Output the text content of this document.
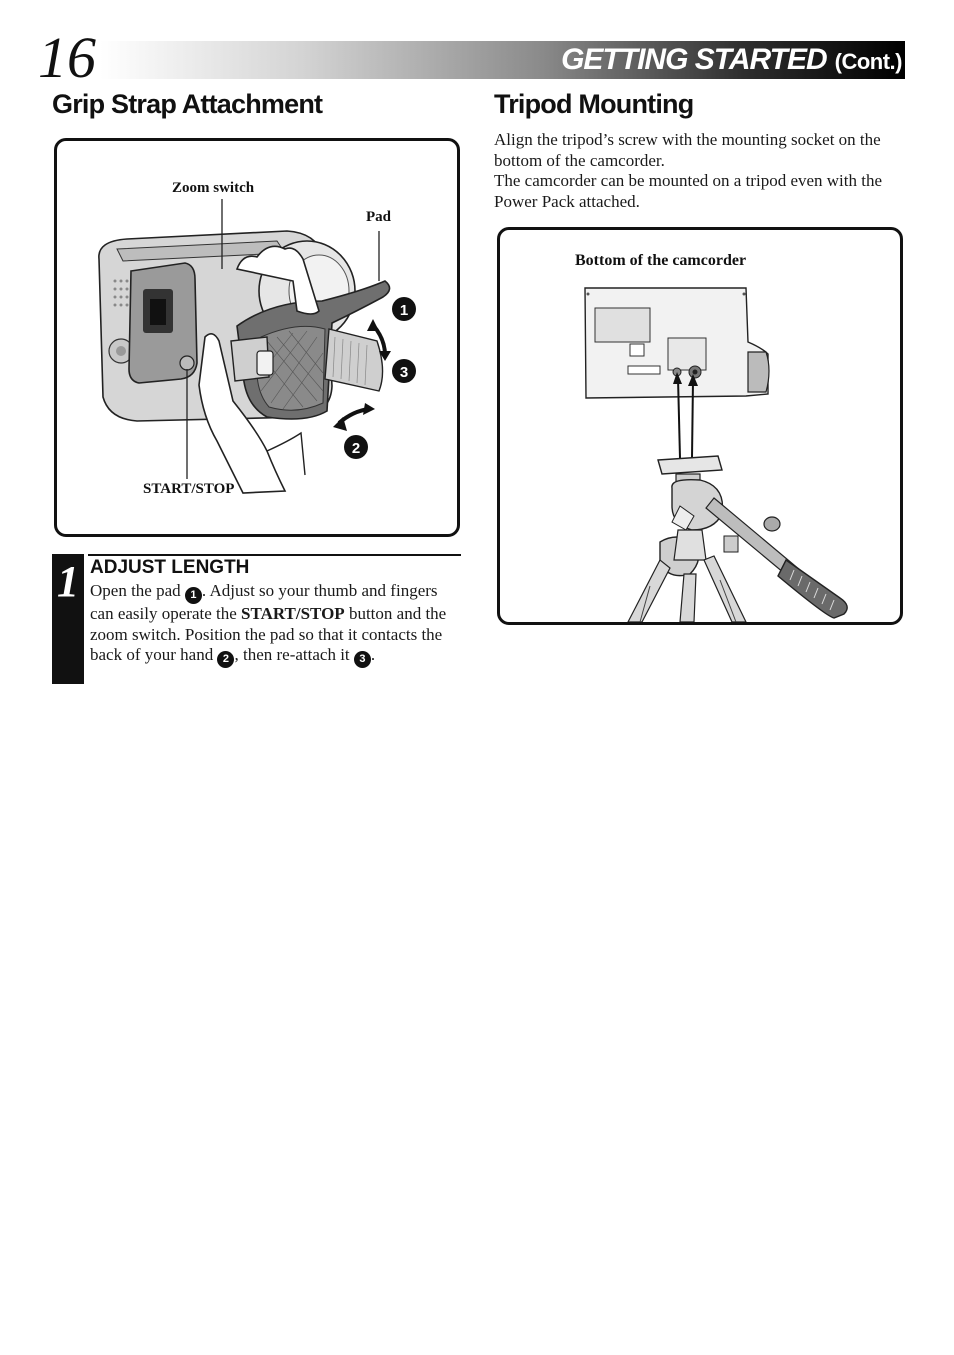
16	GETTING STARTED (Cont.)
Grip Strap Attachment
1
3
2
Zoom switch
Pad
START/STOP
1 ADJUST LENGTH
Open the pad 1 . Adjust so your thumb and fingers can easily operate the START/STOP button and the zoom switch. Position the pad so that it contacts the back of your hand 2 , then re-attach it 3 .
Tripod Mounting
Align the tripod’s screw with the mounting socket on the bottom of the camcorder.
The camcorder can be mounted on a tripod even with the Power Pack attached.
Bottom of the camcorder
